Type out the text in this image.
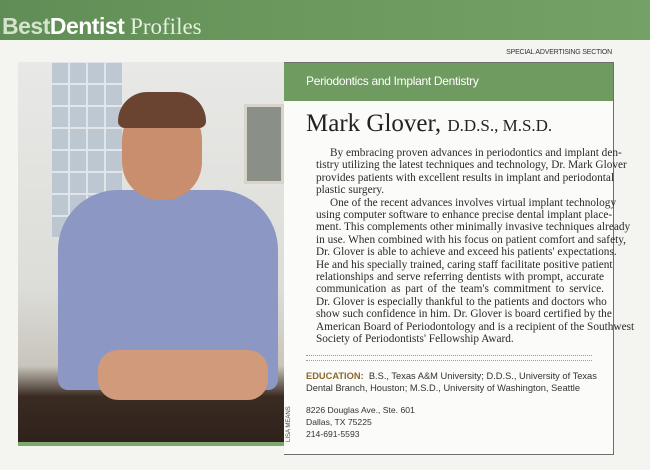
BestDentist Profiles
SPECIAL ADVERTISING SECTION
Periodontics and Implant Dentistry
Mark Glover, D.D.S., M.S.D.
By embracing proven advances in periodontics and implant den-
tistry utilizing the latest techniques and technology, Dr. Mark Glover
provides patients with excellent results in implant and periodontal
plastic surgery.
One of the recent advances involves virtual implant technology
using computer software to enhance precise dental implant place-
ment. This complements other minimally invasive techniques already
in use. When combined with his focus on patient comfort and safety,
Dr. Glover is able to achieve and exceed his patients' expectations.
He and his specially trained, caring staff facilitate positive patient
relationships and serve referring dentists with prompt, accurate
communication as part of the team's commitment to service.
Dr. Glover is especially thankful to the patients and doctors who
show such confidence in him. Dr. Glover is board certified by the
American Board of Periodontology and is a recipient of the Southwest
Society of Periodontists' Fellowship Award.
EDUCATION: B.S., Texas A&M University; D.D.S., University of Texas Dental Branch, Houston; M.S.D., University of Washington, Seattle
8226 Douglas Ave., Ste. 601
Dallas, TX 75225
214-691-5593
LISA MEANS
